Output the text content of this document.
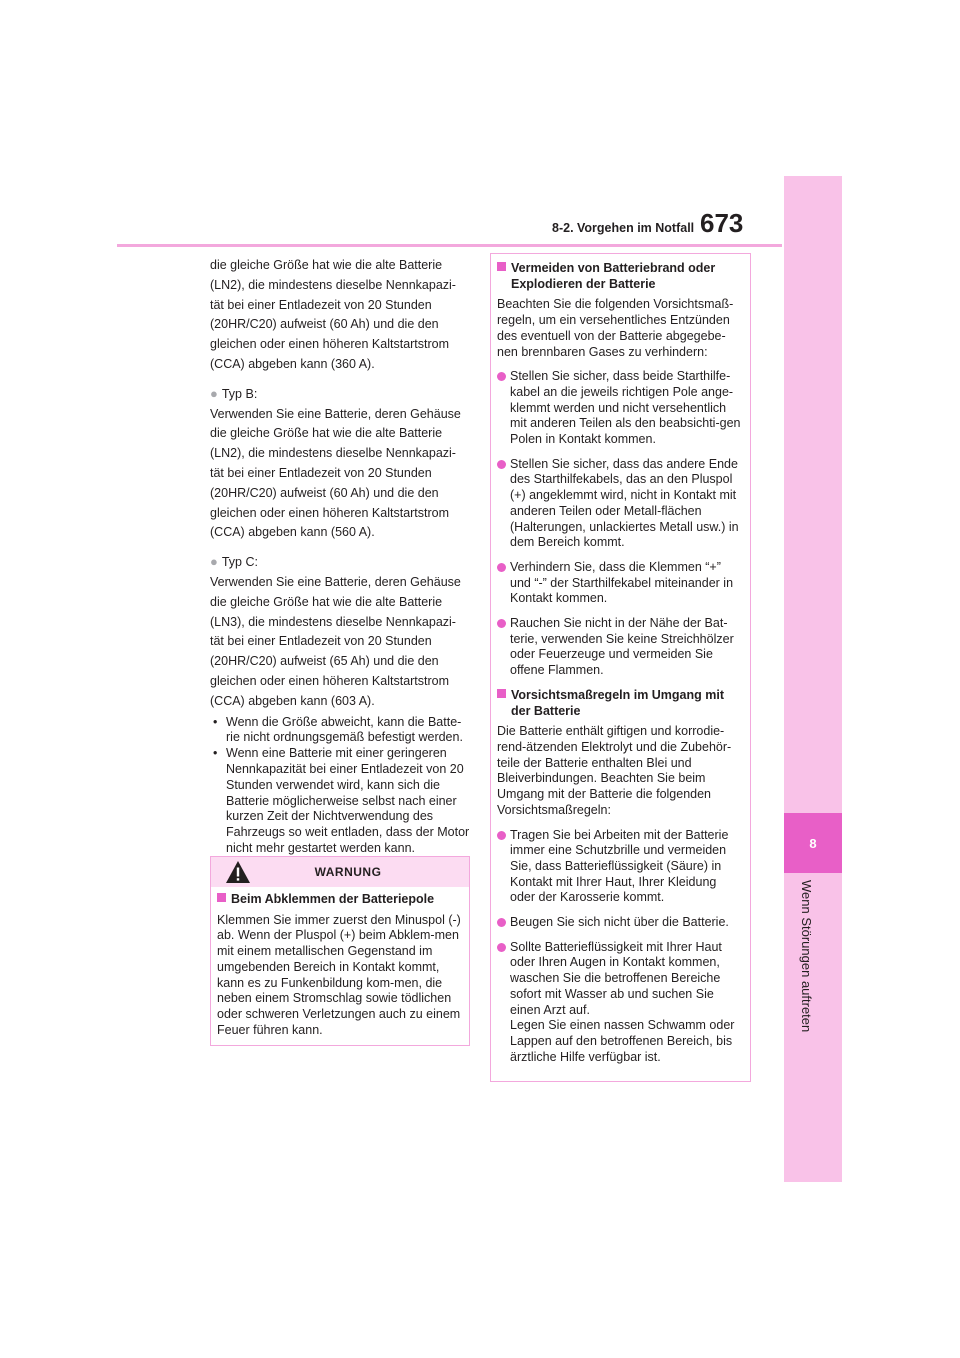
8
Wenn Störungen auftreten
8-2. Vorgehen im Notfall 673

die gleiche Größe hat wie die alte Batterie

(LN2), die mindestens dieselbe Nennkapazi-

tät bei einer Entladezeit von 20 Stunden

(20HR/C20) aufweist (60 Ah) und die den

gleichen oder einen höheren Kaltstartstrom

(CCA) abgeben kann (360 A).

● Typ B:

Verwenden Sie eine Batterie, deren Gehäuse

die gleiche Größe hat wie die alte Batterie

(LN2), die mindestens dieselbe Nennkapazi-

tät bei einer Entladezeit von 20 Stunden

(20HR/C20) aufweist (60 Ah) und die den

gleichen oder einen höheren Kaltstartstrom

(CCA) abgeben kann (560 A).

● Typ C:

Verwenden Sie eine Batterie, deren Gehäuse

die gleiche Größe hat wie die alte Batterie

(LN3), die mindestens dieselbe Nennkapazi-

tät bei einer Entladezeit von 20 Stunden

(20HR/C20) aufweist (65 Ah) und die den

gleichen oder einen höheren Kaltstartstrom

(CCA) abgeben kann (603 A).

• Wenn die Größe abweicht, kann die Batte-rie nicht ordnungsgemäß befestigt werden.
• Wenn eine Batterie mit einer geringeren Nennkapazität bei einer Entladezeit von 20 Stunden verwendet wird, kann sich die Batterie möglicherweise selbst nach einer kurzen Zeit der Nichtverwendung des Fahrzeugs so weit entladen, dass der Motor nicht mehr gestartet werden kann.
WARNUNG
Beim Abklemmen der Batteriepole
Klemmen Sie immer zuerst den Minuspol (-) ab. Wenn der Pluspol (+) beim Abklem-men mit einem metallischen Gegenstand im umgebenden Bereich in Kontakt kommt, kann es zu Funkenbildung kom-men, die neben einem Stromschlag sowie tödlichen oder schweren Verletzungen auch zu einem Feuer führen kann.
Vermeiden von Batteriebrand oder Explodieren der Batterie
Beachten Sie die folgenden Vorsichtsmaß-regeln, um ein versehentliches Entzünden des eventuell von der Batterie abgegebe-nen brennbaren Gases zu verhindern:
Stellen Sie sicher, dass beide Starthilfe-kabel an die jeweils richtigen Pole ange-klemmt werden und nicht versehentlich mit anderen Teilen als den beabsichti-gen Polen in Kontakt kommen.
Stellen Sie sicher, dass das andere Ende des Starthilfekabels, das an den Pluspol (+) angeklemmt wird, nicht in Kontakt mit anderen Teilen oder Metall-flächen (Halterungen, unlackiertes Metall usw.) in dem Bereich kommt.
Verhindern Sie, dass die Klemmen “+” und “-” der Starthilfekabel miteinander in Kontakt kommen.
Rauchen Sie nicht in der Nähe der Bat-terie, verwenden Sie keine Streichhölzer oder Feuerzeuge und vermeiden Sie offene Flammen.
Vorsichtsmaßregeln im Umgang mit der Batterie
Die Batterie enthält giftigen und korrodie-rend-ätzenden Elektrolyt und die Zubehör-teile der Batterie enthalten Blei und Bleiverbindungen. Beachten Sie beim Umgang mit der Batterie die folgenden Vorsichtsmaßregeln:
Tragen Sie bei Arbeiten mit der Batterie immer eine Schutzbrille und vermeiden Sie, dass Batterieflüssigkeit (Säure) in Kontakt mit Ihrer Haut, Ihrer Kleidung oder der Karosserie kommt.
Beugen Sie sich nicht über die Batterie.
Sollte Batterieflüssigkeit mit Ihrer Haut oder Ihren Augen in Kontakt kommen, waschen Sie die betroffenen Bereiche sofort mit Wasser ab und suchen Sie einen Arzt auf.
Legen Sie einen nassen Schwamm oder Lappen auf den betroffenen Bereich, bis ärztliche Hilfe verfügbar ist.
